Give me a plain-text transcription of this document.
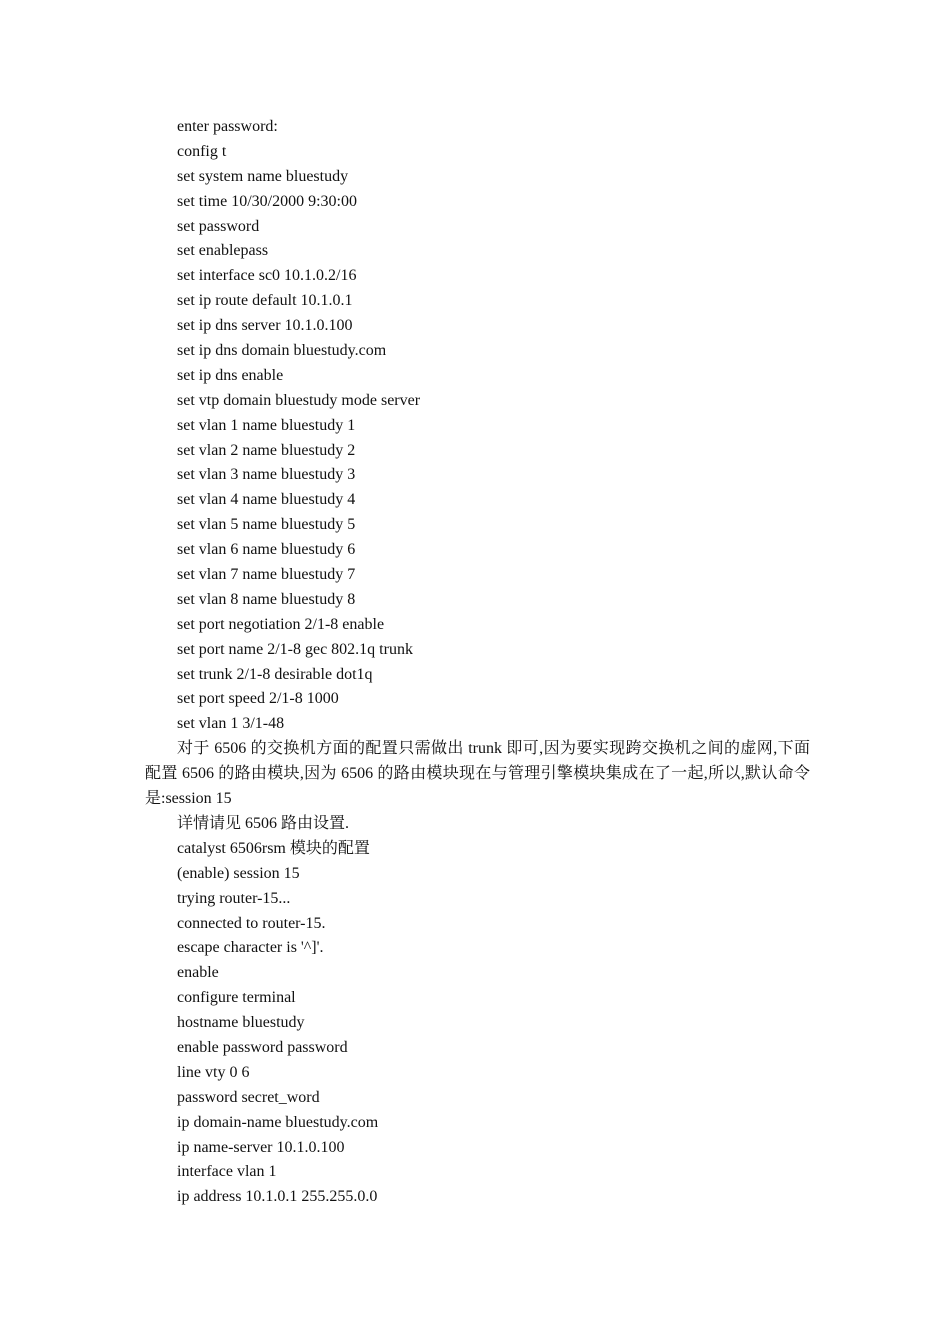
enter password:
config t
set system name bluestudy
set time 10/30/2000 9:30:00
set password
set enablepass
set interface sc0 10.1.0.2/16
set ip route default 10.1.0.1
set ip dns server 10.1.0.100
set ip dns domain bluestudy.com
set ip dns enable
set vtp domain bluestudy mode server
set vlan 1 name bluestudy 1
set vlan 2 name bluestudy 2
set vlan 3 name bluestudy 3
set vlan 4 name bluestudy 4
set vlan 5 name bluestudy 5
set vlan 6 name bluestudy 6
set vlan 7 name bluestudy 7
set vlan 8 name bluestudy 8
set port negotiation 2/1-8 enable
set port name 2/1-8 gec 802.1q trunk
set trunk 2/1-8 desirable dot1q
set port speed 2/1-8 1000
set vlan 1 3/1-48

对于 6506 的交换机方面的配置只需做出 trunk 即可,因为要实现跨交换机之间的虚网,下面配置 6506 的路由模块,因为 6506 的路由模块现在与管理引擎模块集成在了一起,所以,默认命令是:session 15

详情请见 6506 路由设置.
catalyst 6506rsm 模块的配置
(enable) session 15
trying router-15...
connected to router-15.
escape character is '^]'.
enable
configure terminal
hostname bluestudy
enable password password
line vty 0 6
password secret_word
ip domain-name bluestudy.com
ip name-server 10.1.0.100
interface vlan 1
ip address 10.1.0.1 255.255.0.0
